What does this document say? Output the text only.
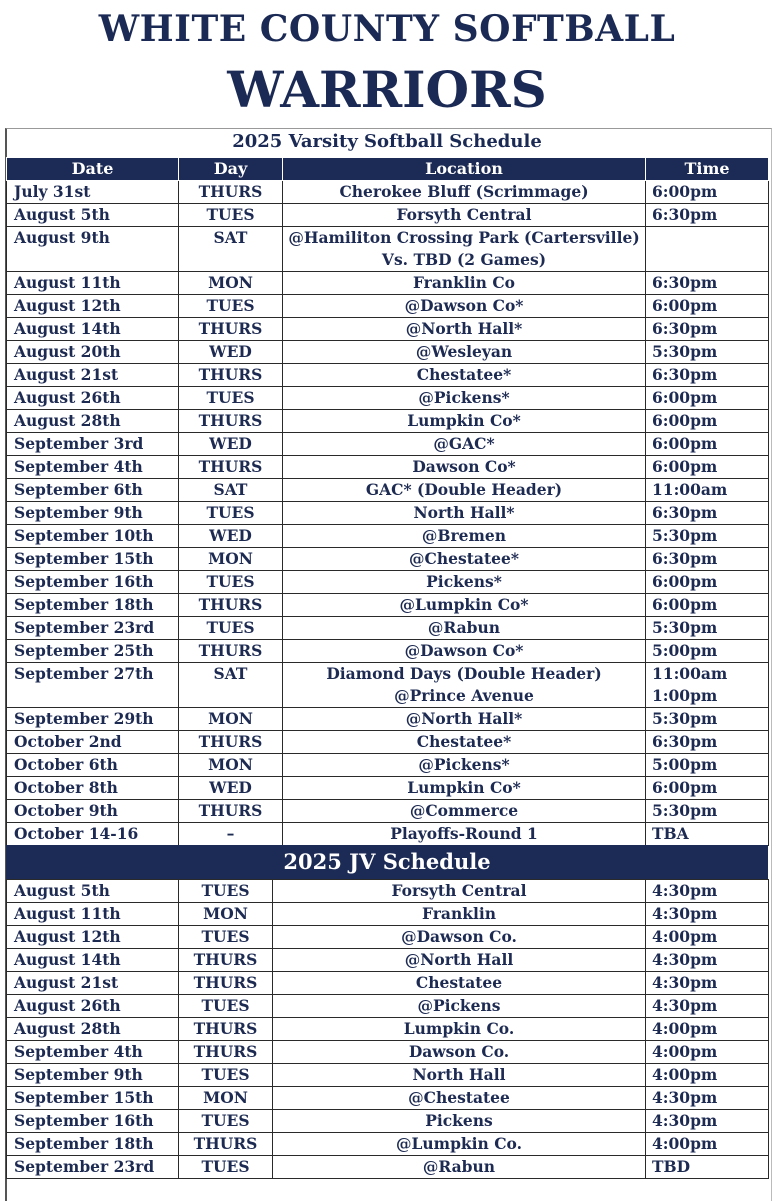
WHITE COUNTY SOFTBALL
WARRIORS
2025 Varsity Softball Schedule
Date	Day	Location	Time

July 31st	THURS	Cherokee Bluff (Scrimmage)	6:00pm

August 5th	TUES	Forsyth Central	6:30pm

August 9th	SAT	@Hamiliton Crossing Park (Cartersville)
Vs. TBD (2 Games)	

August 11th	MON	Franklin Co	6:30pm

August 12th	TUES	@Dawson Co*	6:00pm

August 14th	THURS	@North Hall*	6:30pm

August 20th	WED	@Wesleyan	5:30pm

August 21st	THURS	Chestatee*	6:30pm

August 26th	TUES	@Pickens*	6:00pm

August 28th	THURS	Lumpkin Co*	6:00pm

September 3rd	WED	@GAC*	6:00pm

September 4th	THURS	Dawson Co*	6:00pm

September 6th	SAT	GAC* (Double Header)	11:00am

September 9th	TUES	North Hall*	6:30pm

September 10th	WED	@Bremen	5:30pm

September 15th	MON	@Chestatee*	6:30pm

September 16th	TUES	Pickens*	6:00pm

September 18th	THURS	@Lumpkin Co*	6:00pm

September 23rd	TUES	@Rabun	5:30pm

September 25th	THURS	@Dawson Co*	5:00pm

September 27th	SAT	Diamond Days (Double Header)
@Prince Avenue	11:00am
1:00pm

September 29th	MON	@North Hall*	5:30pm

October 2nd	THURS	Chestatee*	6:30pm

October 6th	MON	@Pickens*	5:00pm

October 8th	WED	Lumpkin Co*	6:00pm

October 9th	THURS	@Commerce	5:30pm

October 14-16	–	Playoffs-Round 1	TBA
2025 JV Schedule
August 5th	TUES	Forsyth Central	4:30pm

August 11th	MON	Franklin	4:30pm

August 12th	TUES	@Dawson Co.	4:00pm

August 14th	THURS	@North Hall	4:30pm

August 21st	THURS	Chestatee	4:30pm

August 26th	TUES	@Pickens	4:30pm

August 28th	THURS	Lumpkin Co.	4:00pm

September 4th	THURS	Dawson Co.	4:00pm

September 9th	TUES	North Hall	4:00pm

September 15th	MON	@Chestatee	4:30pm

September 16th	TUES	Pickens	4:30pm

September 18th	THURS	@Lumpkin Co.	4:00pm

September 23rd	TUES	@Rabun	TBD
